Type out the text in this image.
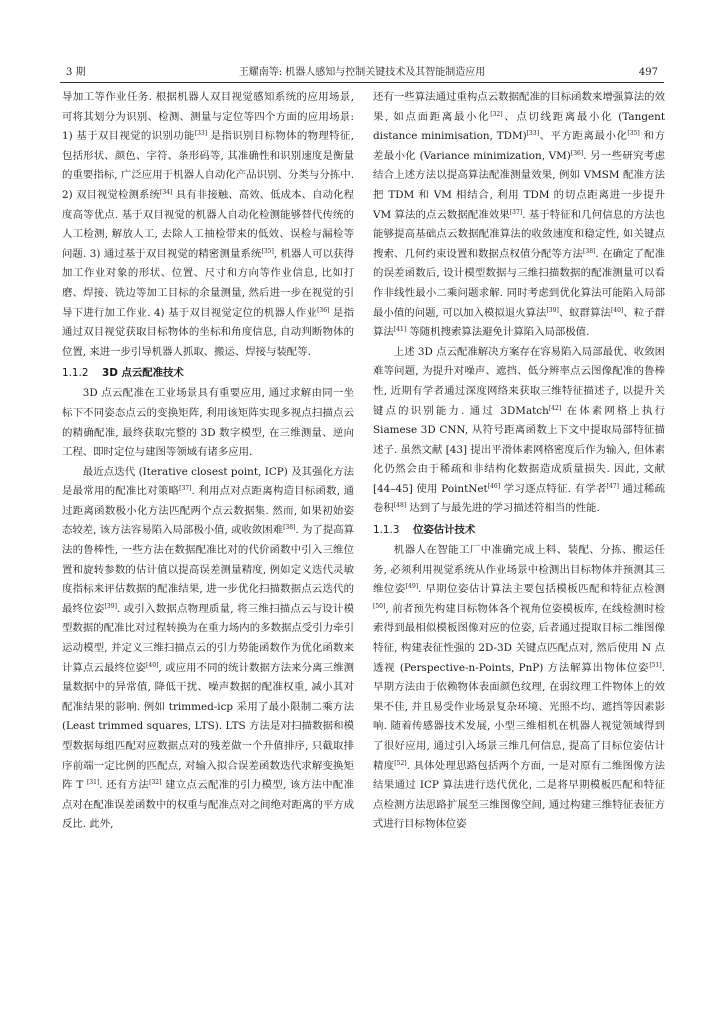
3 期	王耀南等: 机器人感知与控制关键技术及其智能制造应用	497

导加工等作业任务. 根据机器人双目视觉感知系统的应用场景, 可将其划分为识别、检测、测量与定位等四个方面的应用场景: 1) 基于双目视觉的识别功能[33] 是指识别目标物体的物理特征, 包括形状、颜色、字符、条形码等, 其准确性和识别速度是衡量的重要指标, 广泛应用于机器人自动化产品识别、分类与分拣中. 2) 双目视觉检测系统[34] 具有非接触、高效、低成本、自动化程度高等优点. 基于双目视觉的机器人自动化检测能够替代传统的人工检测, 解放人工, 去除人工抽检带来的低效、误检与漏检等问题. 3) 通过基于双目视觉的精密测量系统[35], 机器人可以获得加工作业对象的形状、位置、尺寸和方向等作业信息, 比如打磨、焊接、铣边等加工目标的余量测量, 然后进一步在视觉的引导下进行加工作业. 4) 基于双目视觉定位的机器人作业[36] 是指通过双目视觉获取目标物体的坐标和角度信息, 自动判断物体的位置, 来进一步引导机器人抓取、搬运、焊接与装配等.

1.1.2 3D 点云配准技术

3D 点云配准在工业场景具有重要应用, 通过求解由同一坐标下不同姿态点云的变换矩阵, 利用该矩阵实现多视点扫描点云的精确配准, 最终获取完整的 3D 数字模型, 在三维测量、逆向工程、即时定位与建图等领域有诸多应用.

最近点迭代 (Iterative closest point, ICP) 及其强化方法是最常用的配准比对策略[37]. 利用点对点距离构造目标函数, 通过距离函数极小化方法匹配两个点云数据集. 然而, 如果初始姿态较差, 该方法容易陷入局部极小值, 或收敛困难[38]. 为了提高算法的鲁棒性, 一些方法在数据配准比对的代价函数中引入三维位置和旋转参数的估计值以提高误差测量精度, 例如定义迭代灵敏度指标来评估数据的配准结果, 进一步优化扫描数据点云迭代的最终位姿[39]. 或引入数据点物理质量, 将三维扫描点云与设计模型数据的配准比对过程转换为在重力场内的多数据点受引力牵引运动模型, 并定义三维扫描点云的引力势能函数作为优化函数来计算点云最终位姿[40], 或应用不同的统计数据方法来分离三维测量数据中的异常值, 降低干扰、噪声数据的配准权重, 减小其对配准结果的影响. 例如 trimmed-icp 采用了最小限制二乘方法 (Least trimmed squares, LTS). LTS 方法是对扫描数据和模型数据每组匹配对应数据点对的残差做一个升值排序, 只截取排序前端一定比例的匹配点, 对输入拟合误差函数迭代求解变换矩阵 T [31]. 还有方法[32] 建立点云配准的引力模型, 该方法中配准点对在配准误差函数中的权重与配准点对之间绝对距离的平方成反比. 此外,

还有一些算法通过重构点云数据配准的目标函数来增强算法的效果, 如点面距离最小化[32]、点切线距离最小化 (Tangent distance minimisation, TDM)[33]、平方距离最小化[35] 和方差最小化 (Variance minimization, VM)[36]. 另一些研究考虑结合上述方法以提高算法配准测量效果, 例如 VMSM 配准方法把 TDM 和 VM 相结合, 利用 TDM 的切点距离进一步提升 VM 算法的点云数据配准效果[37]. 基于特征和几何信息的方法也能够提高基础点云数据配准算法的收敛速度和稳定性, 如关键点搜索、几何约束设置和数据点权值分配等方法[38]. 在确定了配准的误差函数后, 设计模型数据与三维扫描数据的配准测量可以看作非线性最小二乘问题求解. 同时考虑到优化算法可能陷入局部最小值的问题, 可以加入模拟退火算法[39]、蚁群算法[40]、粒子群算法[41] 等随机搜索算法避免计算陷入局部极值.

上述 3D 点云配准解决方案存在容易陷入局部最优、收敛困难等问题, 为提升对噪声、遮挡、低分辨率点云图像配准的鲁棒性, 近期有学者通过深度网络来获取三维特征描述子, 以提升关键点的识别能力. 通过 3DMatch[42] 在体素网格上执行 Siamese 3D CNN, 从符号距离函数上下文中提取局部特征描述子. 虽然文献 [43] 提出平滑体素网格密度后作为输入, 但体素化仍然会由于稀疏和非结构化数据造成质量损失. 因此, 文献 [44–45] 使用 PointNet[46] 学习逐点特征. 有学者[47] 通过稀疏卷积[48] 达到了与最先进的学习描述符相当的性能.

1.1.3 位姿估计技术

机器人在智能工厂中准确完成上料、装配、分拣、搬运任务, 必须利用视觉系统从作业场景中检测出目标物体并预测其三维位姿[49]. 早期位姿估计算法主要包括模板匹配和特征点检测[50], 前者预先构建目标物体各个视角位姿模板库, 在线检测时检索得到最相似模板图像对应的位姿, 后者通过提取目标二维图像特征, 构建表征性强的 2D-3D 关键点匹配点对, 然后使用 N 点透视 (Perspective-n-Points, PnP) 方法解算出物体位姿[51]. 早期方法由于依赖物体表面颜色纹理, 在弱纹理工件物体上的效果不佳, 并且易受作业场景复杂环境、光照不均、遮挡等因素影响. 随着传感器技术发展, 小型三维相机在机器人视觉领域得到了很好应用, 通过引入场景三维几何信息, 提高了目标位姿估计精度[52]. 具体处理思路包括两个方面, 一是对原有二维图像方法结果通过 ICP 算法进行迭代优化, 二是将早期模板匹配和特征点检测方法思路扩展至三维图像空间, 通过构建三维特征表征方式进行目标物体位姿
